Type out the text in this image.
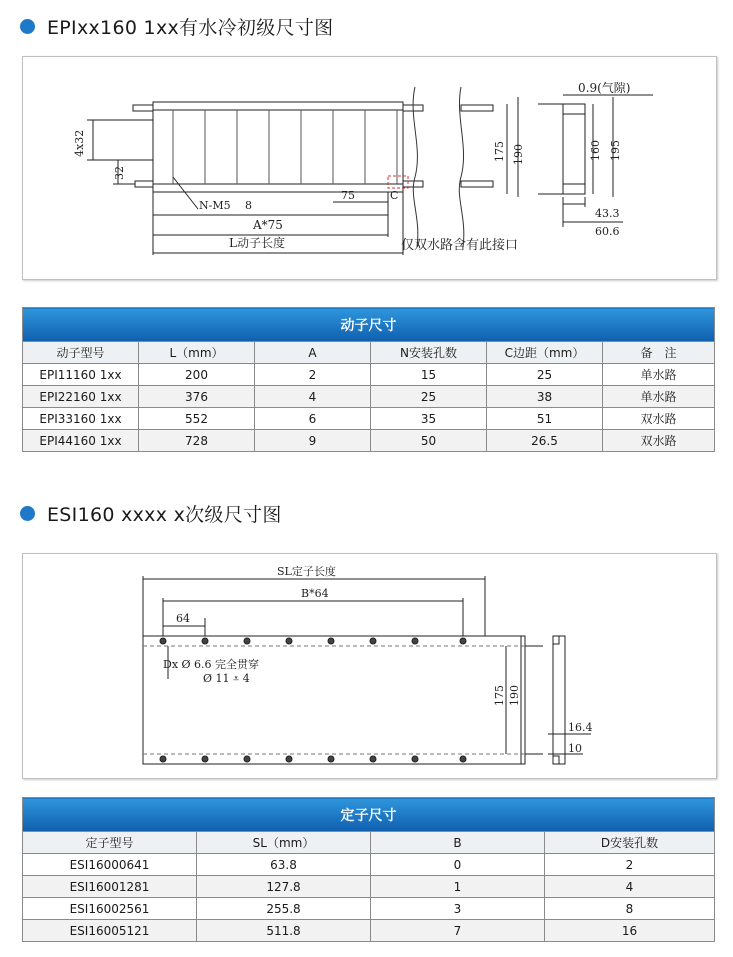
EPIxx160 1xx有水冷初级尺寸图
0.9(气隙)
4x32
32
N-M5 8
75	C
A*75
L动子长度	仅双水路含有此接口
175 190	160 195
43.3
60.6
动子尺寸					
动子型号	L（mm）	A	N安装孔数	C边距（mm）	备　注
EPI11160 1xx	200	2	15	25	单水路
EPI22160 1xx	376	4	25	38	单水路
EPI33160 1xx	552	6	35	51	双水路
EPI44160 1xx	728	9	50	26.5	双水路
ESI160 xxxx x次级尺寸图
SL定子长度
B*64
64
Dx Ø 6.6 完全贯穿
Ø 11 ⩡ 4
175 190
16.4
10
定子尺寸			
定子型号	SL（mm）	B	D安装孔数
ESI16000641	63.8	0	2
ESI16001281	127.8	1	4
ESI16002561	255.8	3	8
ESI16005121	511.8	7	16
